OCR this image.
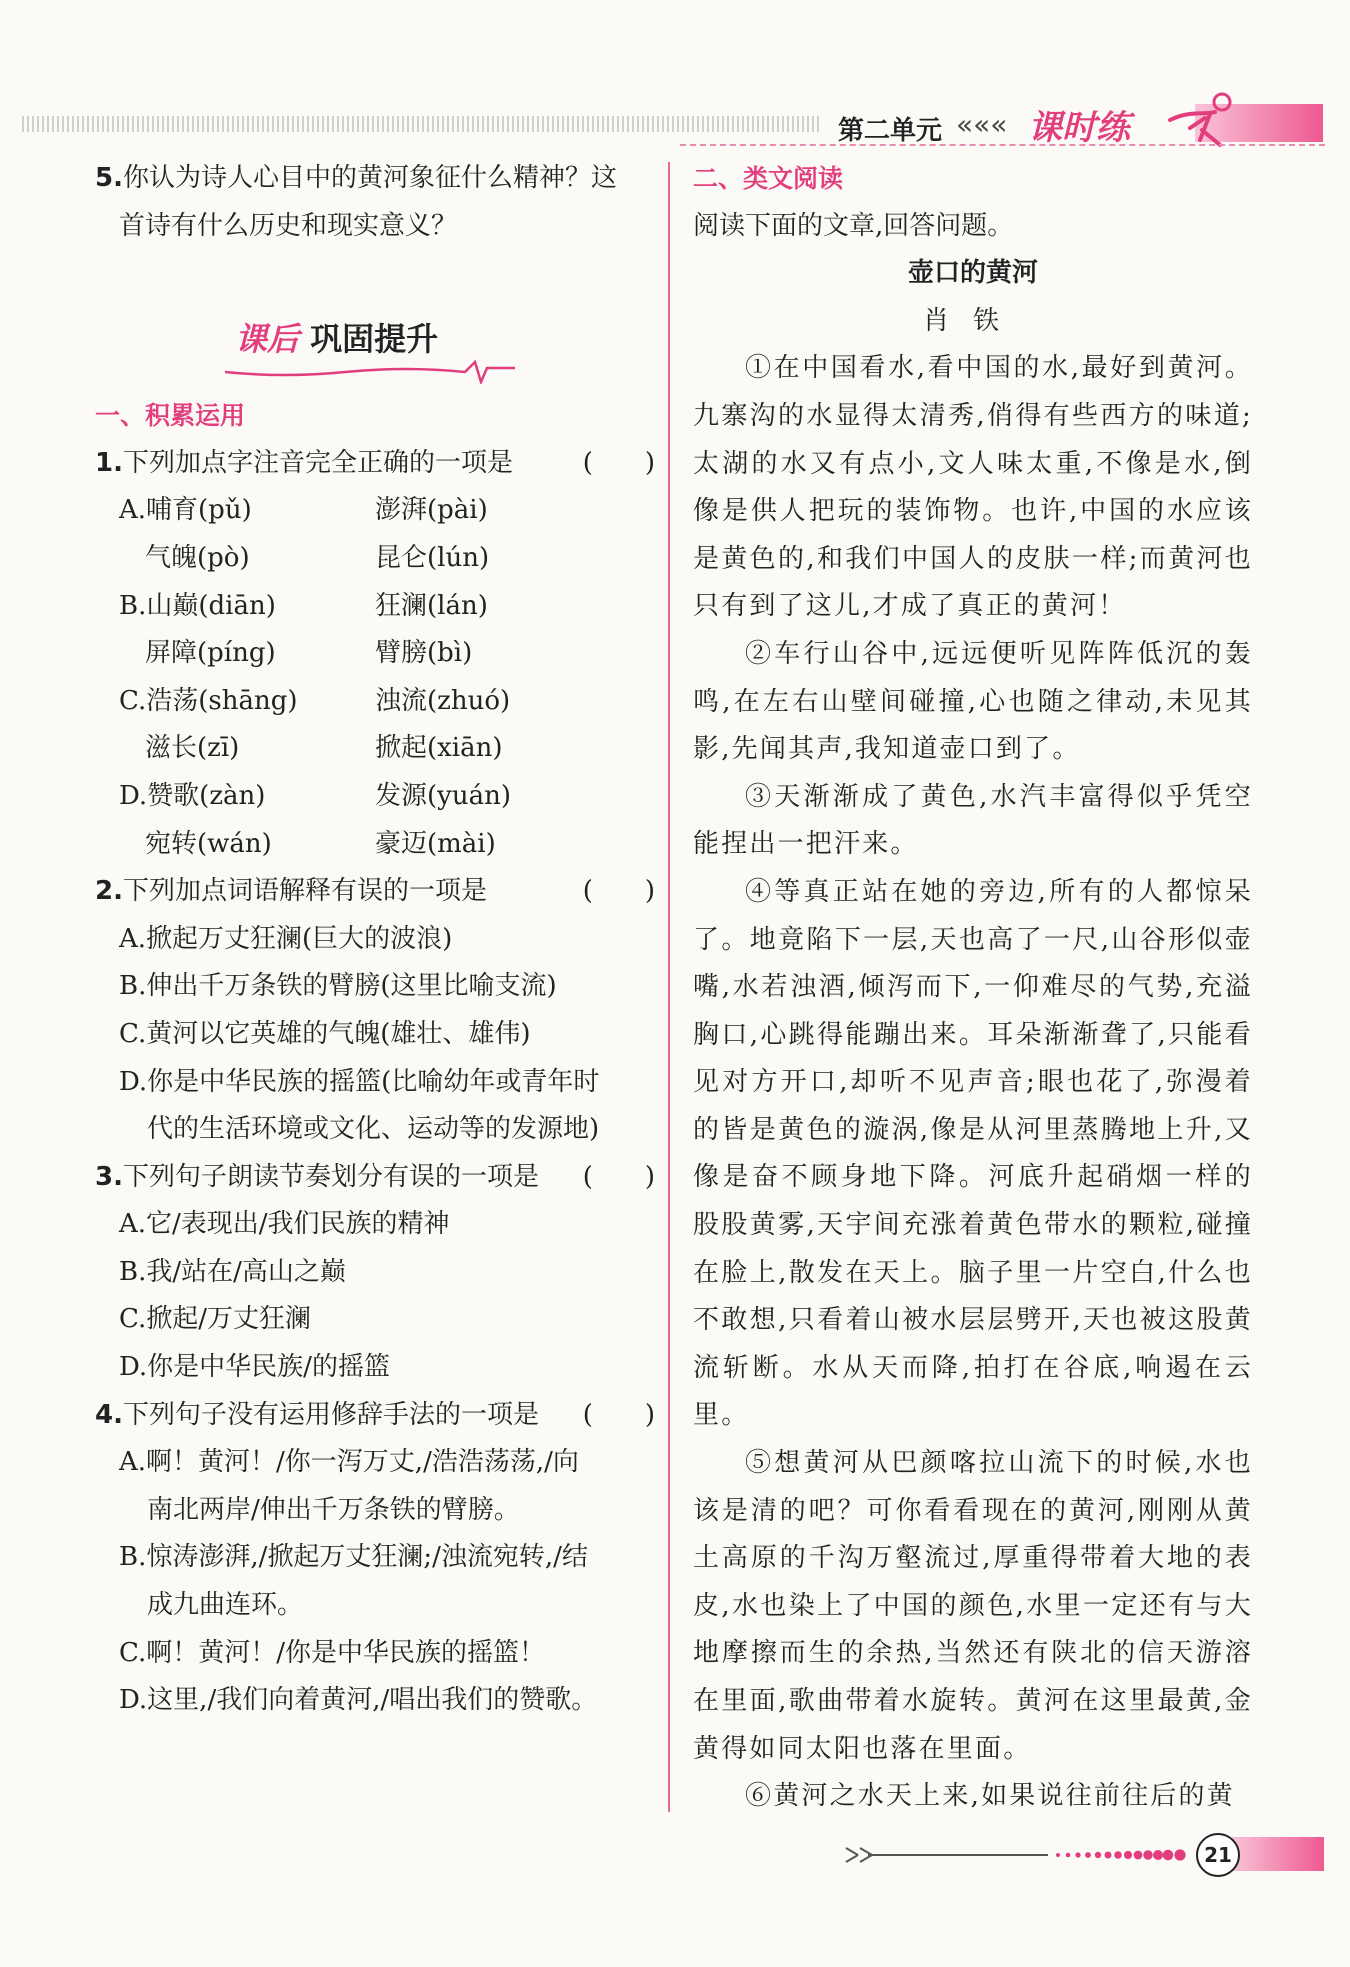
第二单元 ««« 课时练

5.你认为诗人心目中的黄河象征什么精神？这
首诗有什么历史和现实意义？

课后 巩固提升

一、积累运用

1.下列加点字注音完全正确的一项是	(　　)

A.哺育(pǔ)	澎湃(pài)
气魄(pò)	昆仑(lún)
B.山巅(diān)	狂澜(lán)
屏障(píng)	臂膀(bì)
C.浩荡(shāng)	浊流(zhuó)
滋长(zī)	掀起(xiān)
D.赞歌(zàn)	发源(yuán)
宛转(wán)	豪迈(mài)

2.下列加点词语解释有误的一项是	(　　)

A.掀起万丈狂澜(巨大的波浪)

B.伸出千万条铁的臂膀(这里比喻支流)

C.黄河以它英雄的气魄(雄壮、雄伟)

D.你是中华民族的摇篮(比喻幼年或青年时

代的生活环境或文化、运动等的发源地)

3.下列句子朗读节奏划分有误的一项是 (　　)

A.它/表现出/我们民族的精神

B.我/站在/高山之巅

C.掀起/万丈狂澜

D.你是中华民族/的摇篮

4.下列句子没有运用修辞手法的一项是 (　　)

A.啊！黄河！/你一泻万丈,/浩浩荡荡,/向

南北两岸/伸出千万条铁的臂膀。

B.惊涛澎湃,/掀起万丈狂澜;/浊流宛转,/结

成九曲连环。

C.啊！黄河！/你是中华民族的摇篮！

D.这里,/我们向着黄河,/唱出我们的赞歌。

二、类文阅读

阅读下面的文章,回答问题。

壶口的黄河

肖铁

①在中国看水,看中国的水,最好到黄河。九寨沟的水显得太清秀,俏得有些西方的味道;太湖的水又有点小,文人味太重,不像是水,倒像是供人把玩的装饰物。也许,中国的水应该是黄色的,和我们中国人的皮肤一样;而黄河也只有到了这儿,才成了真正的黄河！

②车行山谷中,远远便听见阵阵低沉的轰鸣,在左右山壁间碰撞,心也随之律动,未见其影,先闻其声,我知道壶口到了。

③天渐渐成了黄色,水汽丰富得似乎凭空能捏出一把汗来。

④等真正站在她的旁边,所有的人都惊呆了。地竟陷下一层,天也高了一尺,山谷形似壶嘴,水若浊酒,倾泻而下,一仰难尽的气势,充溢胸口,心跳得能蹦出来。耳朵渐渐聋了,只能看见对方开口,却听不见声音;眼也花了,弥漫着的皆是黄色的漩涡,像是从河里蒸腾地上升,又像是奋不顾身地下降。河底升起硝烟一样的股股黄雾,天宇间充涨着黄色带水的颗粒,碰撞在脸上,散发在天上。脑子里一片空白,什么也不敢想,只看着山被水层层劈开,天也被这股黄流斩断。水从天而降,拍打在谷底,响遏在云里。

⑤想黄河从巴颜喀拉山流下的时候,水也该是清的吧？可你看看现在的黄河,刚刚从黄土高原的千沟万壑流过,厚重得带着大地的表皮,水也染上了中国的颜色,水里一定还有与大地摩擦而生的余热,当然还有陕北的信天游溶在里面,歌曲带着水旋转。黄河在这里最黄,金黄得如同太阳也落在里面。

⑥黄河之水天上来,如果说往前往后的黄

21
